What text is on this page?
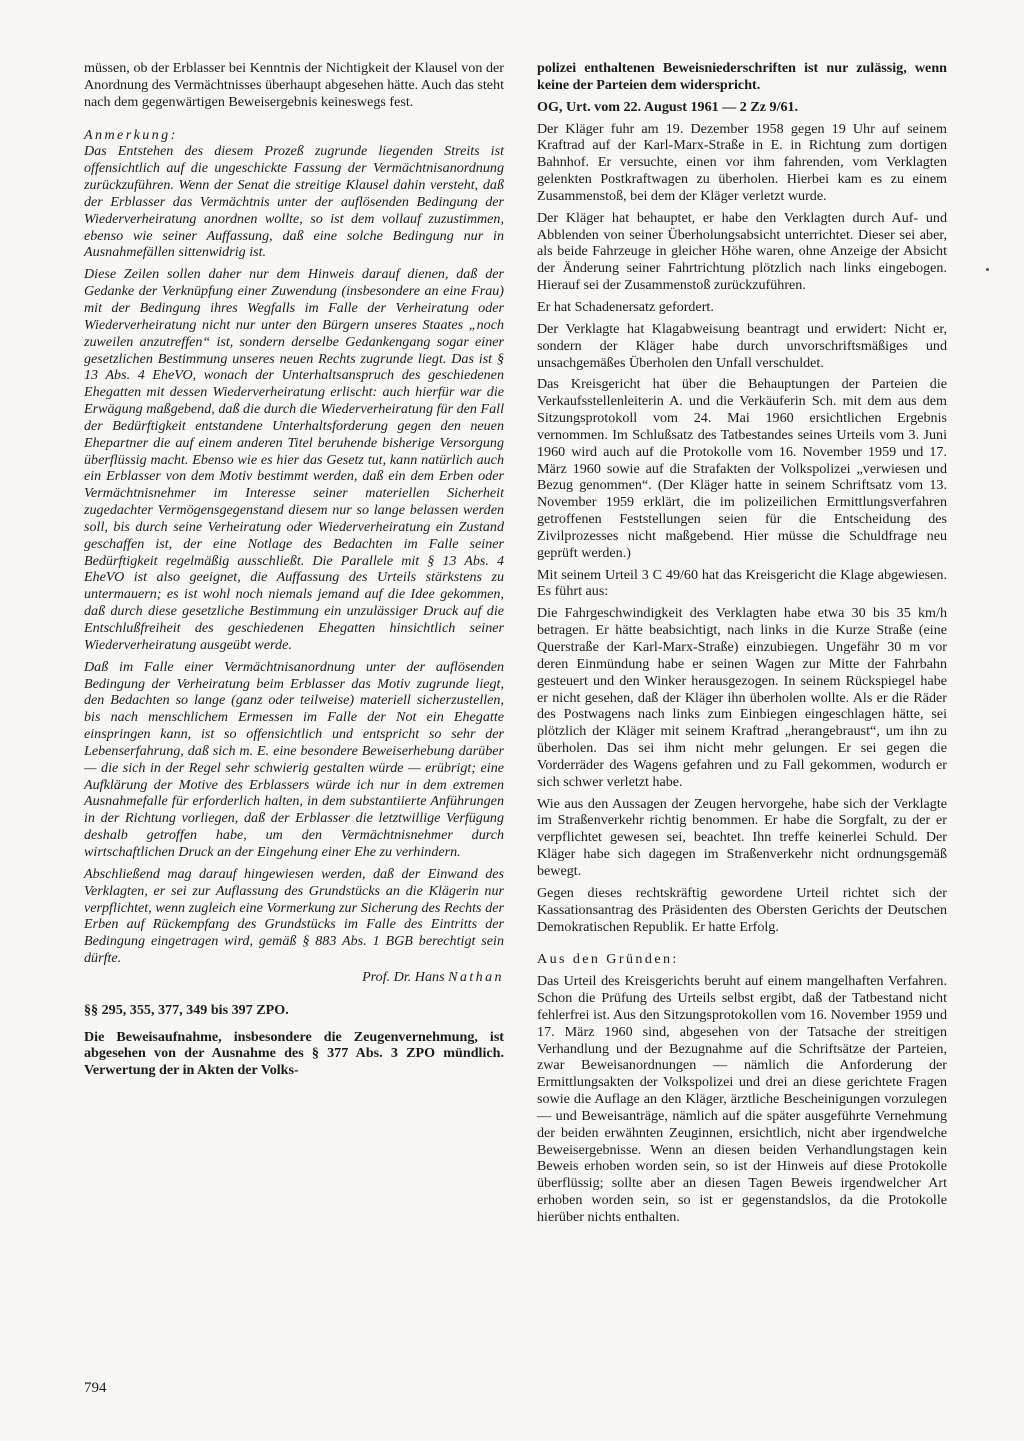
müssen, ob der Erblasser bei Kenntnis der Nichtigkeit der Klausel von der Anordnung des Vermächtnisses überhaupt abgesehen hätte. Auch das steht nach dem gegenwärtigen Beweisergebnis keineswegs fest.

Anmerkung:

Das Entstehen des diesem Prozeß zugrunde liegenden Streits ist offensichtlich auf die ungeschickte Fassung der Vermächtnisanordnung zurückzuführen. Wenn der Senat die streitige Klausel dahin versteht, daß der Erblasser das Vermächtnis unter der auflösenden Bedingung der Wiederverheiratung anordnen wollte, so ist dem vollauf zuzustimmen, ebenso wie seiner Auffassung, daß eine solche Bedingung nur in Ausnahmefällen sittenwidrig ist.

Diese Zeilen sollen daher nur dem Hinweis darauf dienen, daß der Gedanke der Verknüpfung einer Zuwendung (insbesondere an eine Frau) mit der Bedingung ihres Wegfalls im Falle der Verheiratung oder Wiederverheiratung nicht nur unter den Bürgern unseres Staates „noch zuweilen anzutreffen“ ist, sondern derselbe Gedankengang sogar einer gesetzlichen Bestimmung unseres neuen Rechts zugrunde liegt. Das ist § 13 Abs. 4 EheVO, wonach der Unterhaltsanspruch des geschiedenen Ehegatten mit dessen Wiederverheiratung erlischt: auch hierfür war die Erwägung maßgebend, daß die durch die Wiederverheiratung für den Fall der Bedürftigkeit entstandene Unterhaltsforderung gegen den neuen Ehepartner die auf einem anderen Titel beruhende bisherige Versorgung überflüssig macht. Ebenso wie es hier das Gesetz tut, kann natürlich auch ein Erblasser von dem Motiv bestimmt werden, daß ein dem Erben oder Vermächtnisnehmer im Interesse seiner materiellen Sicherheit zugedachter Vermögensgegenstand diesem nur so lange belassen werden soll, bis durch seine Verheiratung oder Wiederverheiratung ein Zustand geschaffen ist, der eine Notlage des Bedachten im Falle seiner Bedürftigkeit regelmäßig ausschließt. Die Parallele mit § 13 Abs. 4 EheVO ist also geeignet, die Auffassung des Urteils stärkstens zu untermauern; es ist wohl noch niemals jemand auf die Idee gekommen, daß durch diese gesetzliche Bestimmung ein unzulässiger Druck auf die Entschlußfreiheit des geschiedenen Ehegatten hinsichtlich seiner Wiederverheiratung ausgeübt werde.

Daß im Falle einer Vermächtnisanordnung unter der auflösenden Bedingung der Verheiratung beim Erblasser das Motiv zugrunde liegt, den Bedachten so lange (ganz oder teilweise) materiell sicherzustellen, bis nach menschlichem Ermessen im Falle der Not ein Ehegatte einspringen kann, ist so offensichtlich und entspricht so sehr der Lebenserfahrung, daß sich m. E. eine besondere Beweiserhebung darüber — die sich in der Regel sehr schwierig gestalten würde — erübrigt; eine Aufklärung der Motive des Erblassers würde ich nur in dem extremen Ausnahmefalle für erforderlich halten, in dem substantiierte Anführungen in der Richtung vorliegen, daß der Erblasser die letztwillige Verfügung deshalb getroffen habe, um den Vermächtnisnehmer durch wirtschaftlichen Druck an der Eingehung einer Ehe zu verhindern.

Abschließend mag darauf hingewiesen werden, daß der Einwand des Verklagten, er sei zur Auflassung des Grundstücks an die Klägerin nur verpflichtet, wenn zugleich eine Vormerkung zur Sicherung des Rechts der Erben auf Rückempfang des Grundstücks im Falle des Eintritts der Bedingung eingetragen wird, gemäß § 883 Abs. 1 BGB berechtigt sein dürfte.

Prof. Dr. Hans Nathan

§§ 295, 355, 377, 349 bis 397 ZPO.

Die Beweisaufnahme, insbesondere die Zeugenvernehmung, ist abgesehen von der Ausnahme des § 377 Abs. 3 ZPO mündlich. Verwertung der in Akten der Volks-

polizei enthaltenen Beweisniederschriften ist nur zulässig, wenn keine der Parteien dem widerspricht.

OG, Urt. vom 22. August 1961 — 2 Zz 9/61.

Der Kläger fuhr am 19. Dezember 1958 gegen 19 Uhr auf seinem Kraftrad auf der Karl-Marx-Straße in E. in Richtung zum dortigen Bahnhof. Er versuchte, einen vor ihm fahrenden, vom Verklagten gelenkten Postkraftwagen zu überholen. Hierbei kam es zu einem Zusammenstoß, bei dem der Kläger verletzt wurde.

Der Kläger hat behauptet, er habe den Verklagten durch Auf- und Abblenden von seiner Überholungsabsicht unterrichtet. Dieser sei aber, als beide Fahrzeuge in gleicher Höhe waren, ohne Anzeige der Absicht der Änderung seiner Fahrtrichtung plötzlich nach links eingebogen. Hierauf sei der Zusammenstoß zurückzuführen.

Er hat Schadenersatz gefordert.

Der Verklagte hat Klagabweisung beantragt und erwidert: Nicht er, sondern der Kläger habe durch unvorschriftsmäßiges und unsachgemäßes Überholen den Unfall verschuldet.

Das Kreisgericht hat über die Behauptungen der Parteien die Verkaufsstellenleiterin A. und die Verkäuferin Sch. mit dem aus dem Sitzungsprotokoll vom 24. Mai 1960 ersichtlichen Ergebnis vernommen. Im Schlußsatz des Tatbestandes seines Urteils vom 3. Juni 1960 wird auch auf die Protokolle vom 16. November 1959 und 17. März 1960 sowie auf die Strafakten der Volkspolizei „verwiesen und Bezug genommen“. (Der Kläger hatte in seinem Schriftsatz vom 13. November 1959 erklärt, die im polizeilichen Ermittlungsverfahren getroffenen Feststellungen seien für die Entscheidung des Zivilprozesses nicht maßgebend. Hier müsse die Schuldfrage neu geprüft werden.)

Mit seinem Urteil 3 C 49/60 hat das Kreisgericht die Klage abgewiesen. Es führt aus:

Die Fahrgeschwindigkeit des Verklagten habe etwa 30 bis 35 km/h betragen. Er hätte beabsichtigt, nach links in die Kurze Straße (eine Querstraße der Karl-Marx-Straße) einzubiegen. Ungefähr 30 m vor deren Einmündung habe er seinen Wagen zur Mitte der Fahrbahn gesteuert und den Winker herausgezogen. In seinem Rückspiegel habe er nicht gesehen, daß der Kläger ihn überholen wollte. Als er die Räder des Postwagens nach links zum Einbiegen eingeschlagen hätte, sei plötzlich der Kläger mit seinem Kraftrad „herangebraust“, um ihn zu überholen. Das sei ihm nicht mehr gelungen. Er sei gegen die Vorderräder des Wagens gefahren und zu Fall gekommen, wodurch er sich schwer verletzt habe.

Wie aus den Aussagen der Zeugen hervorgehe, habe sich der Verklagte im Straßenverkehr richtig benommen. Er habe die Sorgfalt, zu der er verpflichtet gewesen sei, beachtet. Ihn treffe keinerlei Schuld. Der Kläger habe sich dagegen im Straßenverkehr nicht ordnungsgemäß bewegt.

Gegen dieses rechtskräftig gewordene Urteil richtet sich der Kassationsantrag des Präsidenten des Obersten Gerichts der Deutschen Demokratischen Republik. Er hatte Erfolg.

Aus den Gründen:

Das Urteil des Kreisgerichts beruht auf einem mangelhaften Verfahren. Schon die Prüfung des Urteils selbst ergibt, daß der Tatbestand nicht fehlerfrei ist. Aus den Sitzungsprotokollen vom 16. November 1959 und 17. März 1960 sind, abgesehen von der Tatsache der streitigen Verhandlung und der Bezugnahme auf die Schriftsätze der Parteien, zwar Beweisanordnungen — nämlich die Anforderung der Ermittlungsakten der Volkspolizei und drei an diese gerichtete Fragen sowie die Auflage an den Kläger, ärztliche Bescheinigungen vorzulegen — und Beweisanträge, nämlich auf die später ausgeführte Vernehmung der beiden erwähnten Zeuginnen, ersichtlich, nicht aber irgendwelche Beweisergebnisse. Wenn an diesen beiden Verhandlungstagen kein Beweis erhoben worden sein, so ist der Hinweis auf diese Protokolle überflüssig; sollte aber an diesen Tagen Beweis irgendwelcher Art erhoben worden sein, so ist er gegenstandslos, da die Protokolle hierüber nichts enthalten.

794
